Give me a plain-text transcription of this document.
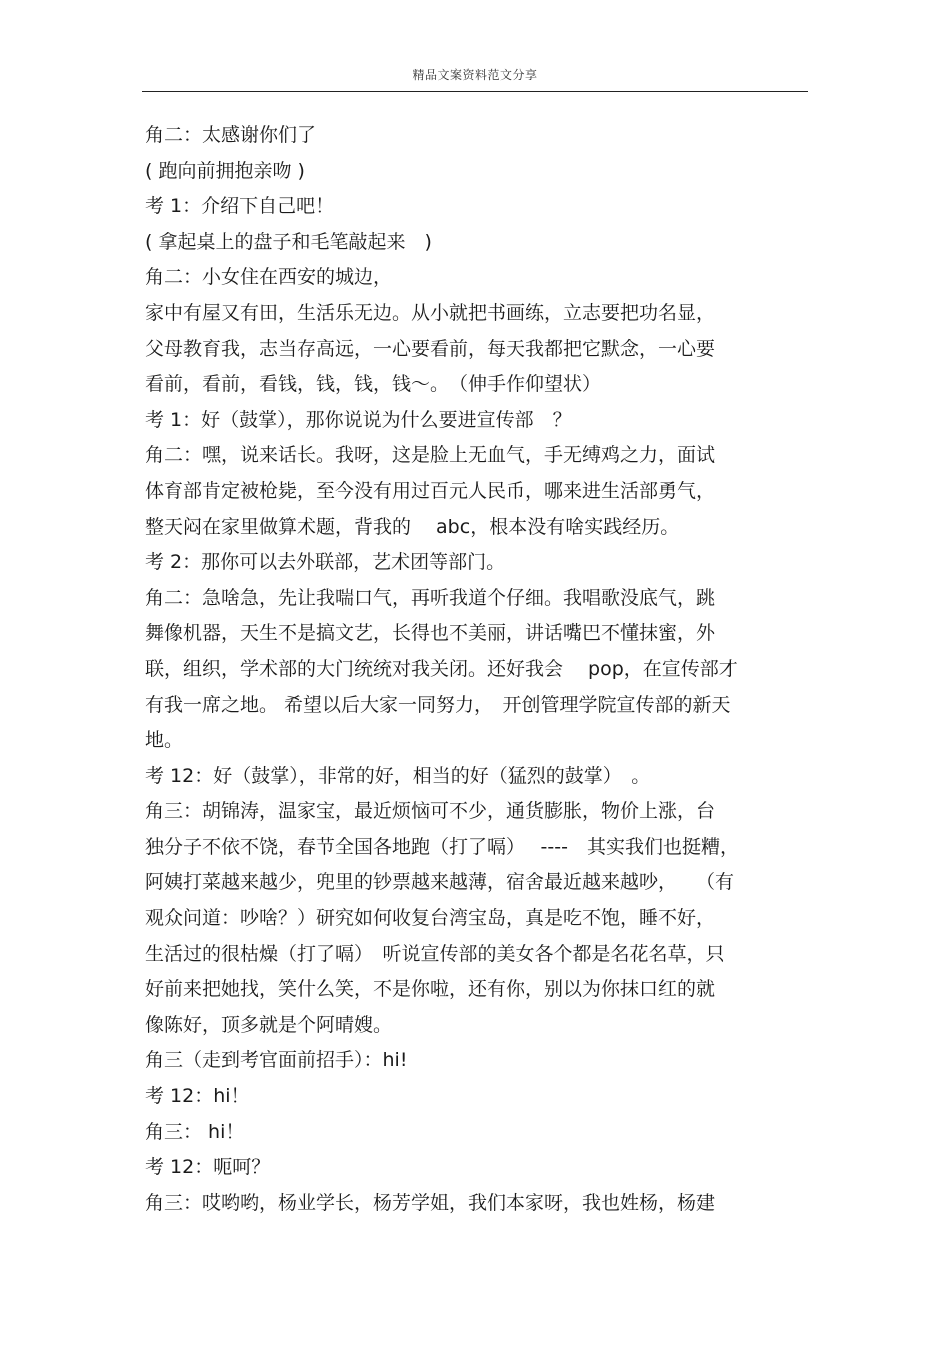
精品文案资料范文分享
角二：太感谢你们了
( 跑向前拥抱亲吻 )
考 1：介绍下自己吧！
( 拿起桌上的盘子和毛笔敲起来　)
角二：小女住在西安的城边，
家中有屋又有田，生活乐无边。从小就把书画练，立志要把功名显，
父母教育我，志当存高远，一心要看前，每天我都把它默念，一心要
看前，看前，看钱，钱，钱，钱～。　（伸手作仰望状）
考 1：好（鼓掌），那你说说为什么要进宣传部　？
角二：嘿，说来话长。我呀，这是脸上无血气，手无缚鸡之力，面试
体育部肯定被枪毙，至今没有用过百元人民币，哪来进生活部勇气，
整天闷在家里做算术题，背我的　 abc，根本没有啥实践经历。
考 2：那你可以去外联部，艺术团等部门。
角二：急啥急，先让我喘口气，再听我道个仔细。我唱歌没底气，跳
舞像机器，天生不是搞文艺，长得也不美丽，讲话嘴巴不懂抹蜜，外
联，组织，学术部的大门统统对我关闭。还好我会　 pop，在宣传部才
有我一席之地。 希望以后大家一同努力，　开创管理学院宣传部的新天
地。
考 12：好（鼓掌），非常的好，相当的好（猛烈的鼓掌）　。
角三：胡锦涛，温家宝，最近烦恼可不少，通货膨胀，物价上涨，台
独分子不依不饶，春节全国各地跑（打了嗝）　 ----　其实我们也挺糟，
阿姨打菜越来越少，兜里的钞票越来越薄，宿舍最近越来越吵，　　（有
观众问道：吵啥？）研究如何收复台湾宝岛，真是吃不饱，睡不好，
生活过的很枯燥（打了嗝）　听说宣传部的美女各个都是名花名草，只
好前来把她找，笑什么笑，不是你啦，还有你，别以为你抹口红的就
像陈好，顶多就是个阿晴嫂。
角三（走到考官面前招手）：hi!
考 12：hi！
角三： hi！
考 12：呃呵？
角三：哎哟哟，杨业学长，杨芳学姐，我们本家呀，我也姓杨，杨建
